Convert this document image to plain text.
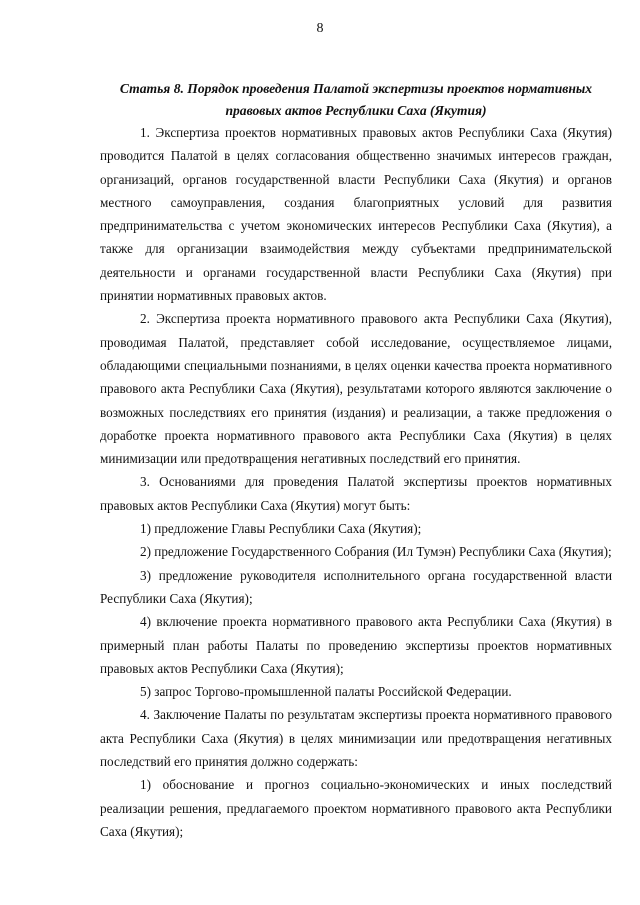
8
Статья 8. Порядок проведения Палатой экспертизы проектов нормативных правовых актов Республики Саха (Якутия)

1. Экспертиза проектов нормативных правовых актов Республики Саха (Якутия) проводится Палатой в целях согласования общественно значимых интересов граждан, организаций, органов государственной власти Республики Саха (Якутия) и органов местного самоуправления, создания благоприятных условий для развития предпринимательства с учетом экономических интересов Республики Саха (Якутия), а также для организации взаимодействия между субъектами предпринимательской деятельности и органами государственной власти Республики Саха (Якутия) при принятии нормативных правовых актов.

2. Экспертиза проекта нормативного правового акта Республики Саха (Якутия), проводимая Палатой, представляет собой исследование, осуществляемое лицами, обладающими специальными познаниями, в целях оценки качества проекта нормативного правового акта Республики Саха (Якутия), результатами которого являются заключение о возможных последствиях его принятия (издания) и реализации, а также предложения о доработке проекта нормативного правового акта Республики Саха (Якутия) в целях минимизации или предотвращения негативных последствий его принятия.

3. Основаниями для проведения Палатой экспертизы проектов нормативных правовых актов Республики Саха (Якутия) могут быть:

1) предложение Главы Республики Саха (Якутия);

2) предложение Государственного Собрания (Ил Тумэн) Республики Саха (Якутия);

3) предложение руководителя исполнительного органа государственной власти Республики Саха (Якутия);

4) включение проекта нормативного правового акта Республики Саха (Якутия) в примерный план работы Палаты по проведению экспертизы проектов нормативных правовых актов Республики Саха (Якутия);

5) запрос Торгово-промышленной палаты Российской Федерации.

4. Заключение Палаты по результатам экспертизы проекта нормативного правового акта Республики Саха (Якутия) в целях минимизации или предотвращения негативных последствий его принятия должно содержать:

1) обоснование и прогноз социально-экономических и иных последствий реализации решения, предлагаемого проектом нормативного правового акта Республики Саха (Якутия);
